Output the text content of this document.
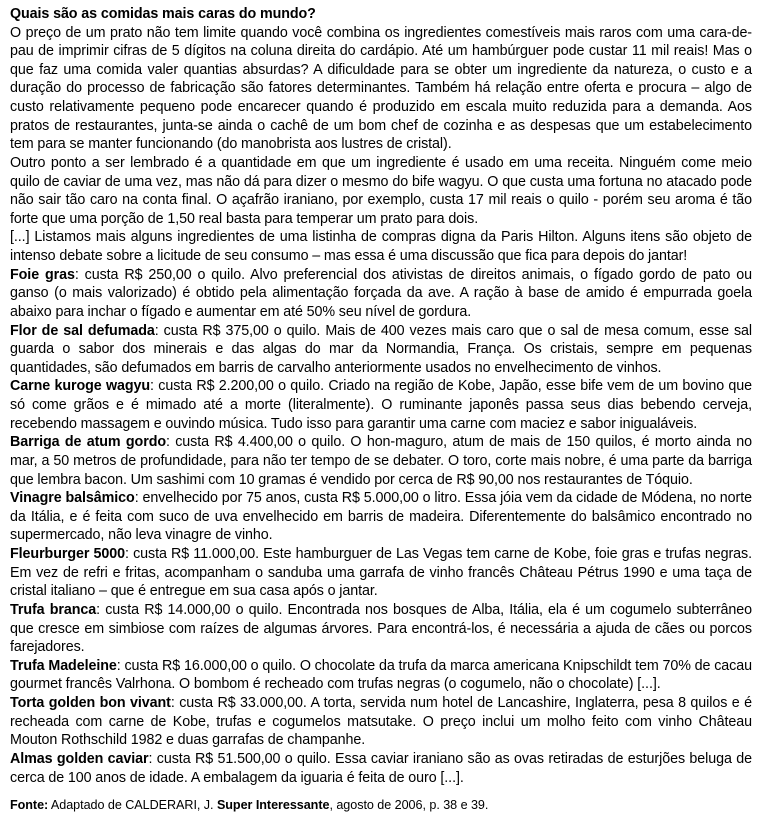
Quais são as comidas mais caras do mundo?

O preço de um prato não tem limite quando você combina os ingredientes comestíveis mais raros com uma cara-de-pau de imprimir cifras de 5 dígitos na coluna direita do cardápio. Até um hambúrguer pode custar 11 mil reais! Mas o que faz uma comida valer quantias absurdas? A dificuldade para se obter um ingrediente da natureza, o custo e a duração do processo de fabricação são fatores determinantes. Também há relação entre oferta e procura – algo de custo relativamente pequeno pode encarecer quando é produzido em escala muito reduzida para a demanda. Aos pratos de restaurantes, junta-se ainda o cachê de um bom chef de cozinha e as despesas que um estabelecimento tem para se manter funcionando (do manobrista aos lustres de cristal).

Outro ponto a ser lembrado é a quantidade em que um ingrediente é usado em uma receita. Ninguém come meio quilo de caviar de uma vez, mas não dá para dizer o mesmo do bife wagyu. O que custa uma fortuna no atacado pode não sair tão caro na conta final. O açafrão iraniano, por exemplo, custa 17 mil reais o quilo - porém seu aroma é tão forte que uma porção de 1,50 real basta para temperar um prato para dois.

[...] Listamos mais alguns ingredientes de uma listinha de compras digna da Paris Hilton. Alguns itens são objeto de intenso debate sobre a licitude de seu consumo – mas essa é uma discussão que fica para depois do jantar!

Foie gras: custa R$ 250,00 o quilo. Alvo preferencial dos ativistas de direitos animais, o fígado gordo de pato ou ganso (o mais valorizado) é obtido pela alimentação forçada da ave. A ração à base de amido é empurrada goela abaixo para inchar o fígado e aumentar em até 50% seu nível de gordura.

Flor de sal defumada: custa R$ 375,00 o quilo. Mais de 400 vezes mais caro que o sal de mesa comum, esse sal guarda o sabor dos minerais e das algas do mar da Normandia, França. Os cristais, sempre em pequenas quantidades, são defumados em barris de carvalho anteriormente usados no envelhecimento de vinhos.

Carne kuroge wagyu: custa R$ 2.200,00 o quilo. Criado na região de Kobe, Japão, esse bife vem de um bovino que só come grãos e é mimado até a morte (literalmente). O ruminante japonês passa seus dias bebendo cerveja, recebendo massagem e ouvindo música. Tudo isso para garantir uma carne com maciez e sabor inigualáveis.

Barriga de atum gordo: custa R$ 4.400,00 o quilo. O hon-maguro, atum de mais de 150 quilos, é morto ainda no mar, a 50 metros de profundidade, para não ter tempo de se debater. O toro, corte mais nobre, é uma parte da barriga que lembra bacon. Um sashimi com 10 gramas é vendido por cerca de R$ 90,00 nos restaurantes de Tóquio.

Vinagre balsâmico: envelhecido por 75 anos, custa R$ 5.000,00 o litro. Essa jóia vem da cidade de Módena, no norte da Itália, e é feita com suco de uva envelhecido em barris de madeira. Diferentemente do balsâmico encontrado no supermercado, não leva vinagre de vinho.

Fleurburger 5000: custa R$ 11.000,00. Este hamburguer de Las Vegas tem carne de Kobe, foie gras e trufas negras. Em vez de refri e fritas, acompanham o sanduba uma garrafa de vinho francês Château Pétrus 1990 e uma taça de cristal italiano – que é entregue em sua casa após o jantar.

Trufa branca: custa R$ 14.000,00 o quilo. Encontrada nos bosques de Alba, Itália, ela é um cogumelo subterrâneo que cresce em simbiose com raízes de algumas árvores. Para encontrá-los, é necessária a ajuda de cães ou porcos farejadores.

Trufa Madeleine: custa R$ 16.000,00 o quilo. O chocolate da trufa da marca americana Knipschildt tem 70% de cacau gourmet francês Valrhona. O bombom é recheado com trufas negras (o cogumelo, não o chocolate) [...].

Torta golden bon vivant: custa R$ 33.000,00. A torta, servida num hotel de Lancashire, Inglaterra, pesa 8 quilos e é recheada com carne de Kobe, trufas e cogumelos matsutake. O preço inclui um molho feito com vinho Château Mouton Rothschild 1982 e duas garrafas de champanhe.

Almas golden caviar: custa R$ 51.500,00 o quilo. Essa caviar iraniano são as ovas retiradas de esturjões beluga de cerca de 100 anos de idade. A embalagem da iguaria é feita de ouro [...].

Fonte: Adaptado de CALDERARI, J. Super Interessante, agosto de 2006, p. 38 e 39.
